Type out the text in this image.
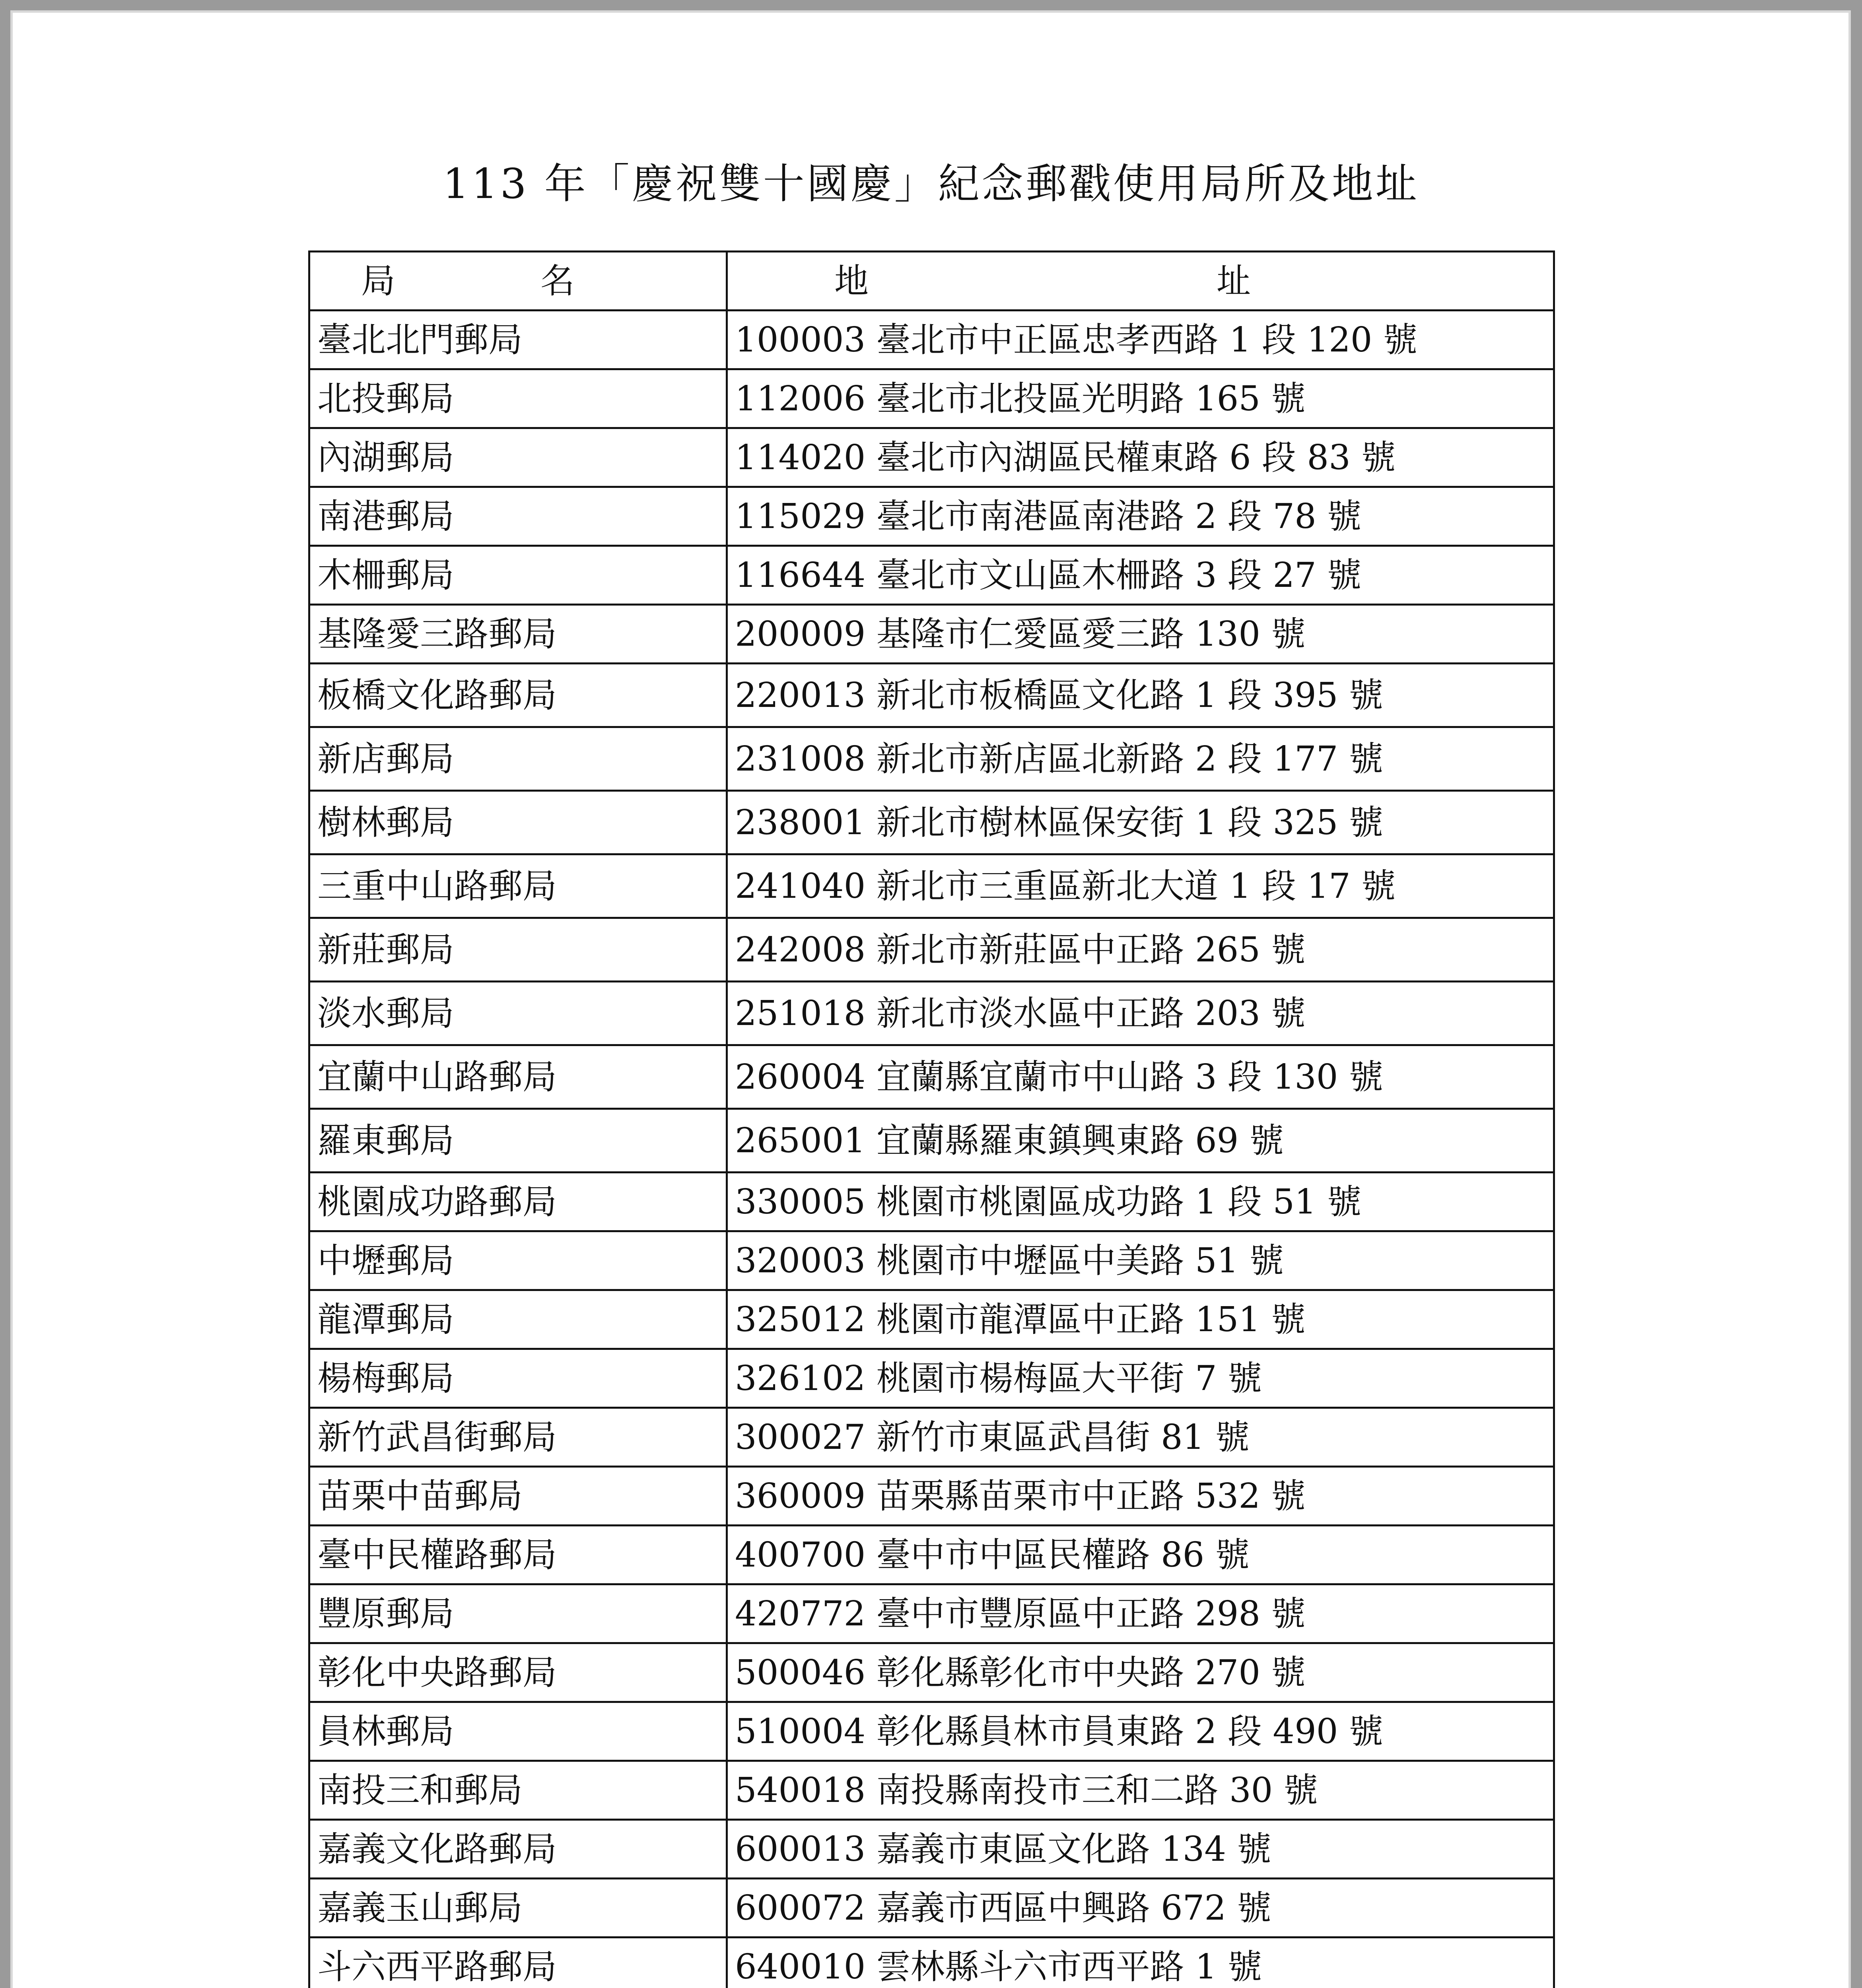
113 年「慶祝雙十國慶」紀念郵戳使用局所及地址
局 名	地 址

臺北北門郵局	100003 臺北市中正區忠孝西路 1 段 120 號
北投郵局	112006 臺北市北投區光明路 165 號
內湖郵局	114020 臺北市內湖區民權東路 6 段 83 號
南港郵局	115029 臺北市南港區南港路 2 段 78 號
木柵郵局	116644 臺北市文山區木柵路 3 段 27 號
基隆愛三路郵局	200009 基隆市仁愛區愛三路 130 號
板橋文化路郵局	220013 新北市板橋區文化路 1 段 395 號
新店郵局	231008 新北市新店區北新路 2 段 177 號
樹林郵局	238001 新北市樹林區保安街 1 段 325 號
三重中山路郵局	241040 新北市三重區新北大道 1 段 17 號
新莊郵局	242008 新北市新莊區中正路 265 號
淡水郵局	251018 新北市淡水區中正路 203 號
宜蘭中山路郵局	260004 宜蘭縣宜蘭市中山路 3 段 130 號
羅東郵局	265001 宜蘭縣羅東鎮興東路 69 號
桃園成功路郵局	330005 桃園市桃園區成功路 1 段 51 號
中壢郵局	320003 桃園市中壢區中美路 51 號
龍潭郵局	325012 桃園市龍潭區中正路 151 號
楊梅郵局	326102 桃園市楊梅區大平街 7 號
新竹武昌街郵局	300027 新竹市東區武昌街 81 號
苗栗中苗郵局	360009 苗栗縣苗栗市中正路 532 號
臺中民權路郵局	400700 臺中市中區民權路 86 號
豐原郵局	420772 臺中市豐原區中正路 298 號
彰化中央路郵局	500046 彰化縣彰化市中央路 270 號
員林郵局	510004 彰化縣員林市員東路 2 段 490 號
南投三和郵局	540018 南投縣南投市三和二路 30 號
嘉義文化路郵局	600013 嘉義市東區文化路 134 號
嘉義玉山郵局	600072 嘉義市西區中興路 672 號
斗六西平路郵局	640010 雲林縣斗六市西平路 1 號
